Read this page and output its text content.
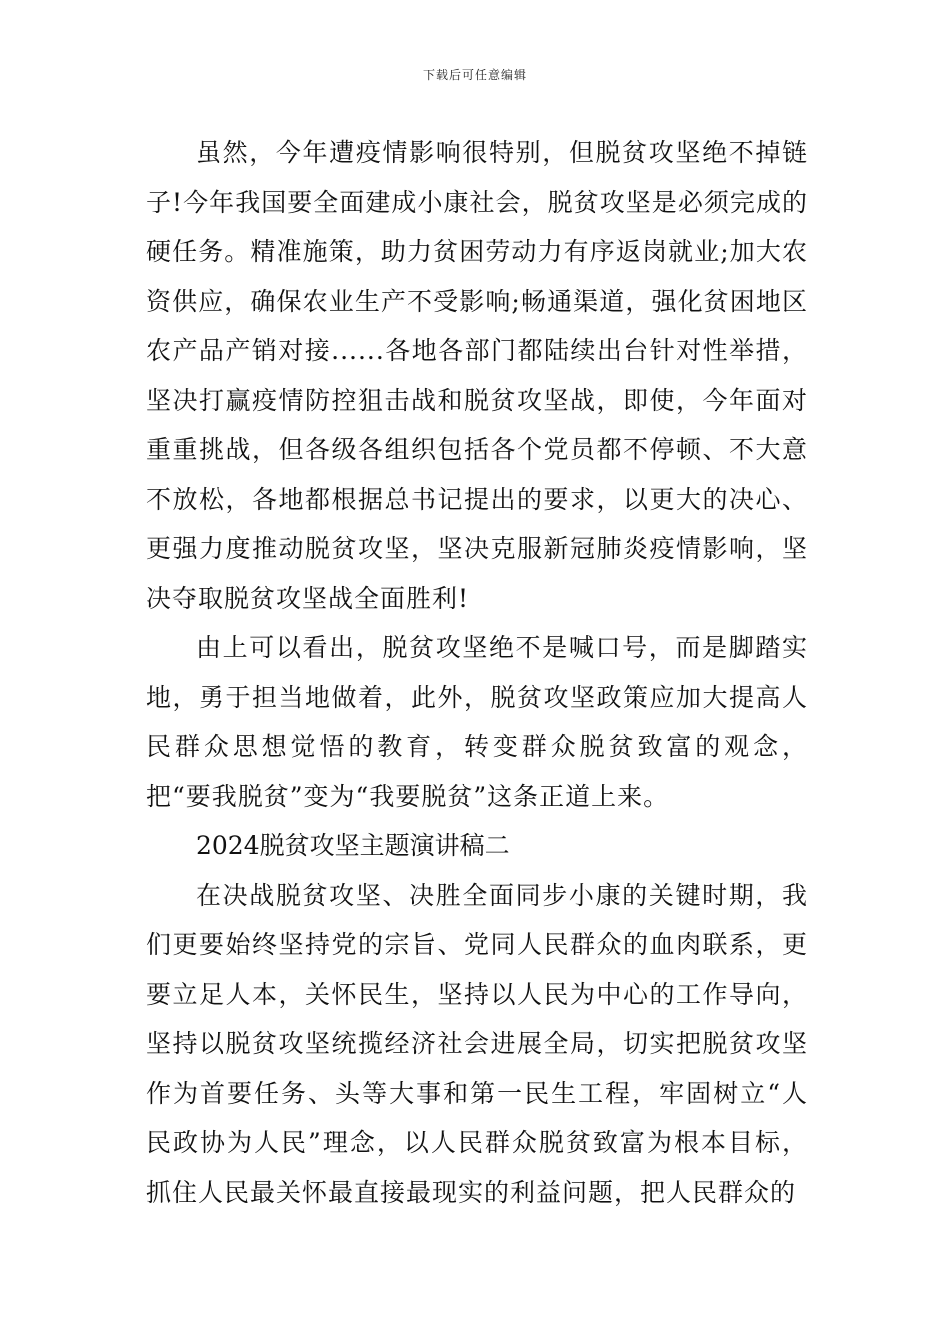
下载后可任意编辑

虽然，今年遭疫情影响很特别，但脱贫攻坚绝不掉链子!今年我国要全面建成小康社会，脱贫攻坚是必须完成的硬任务。精准施策，助力贫困劳动力有序返岗就业;加大农资供应，确保农业生产不受影响;畅通渠道，强化贫困地区农产品产销对接......各地各部门都陆续出台针对性举措，坚决打赢疫情防控狙击战和脱贫攻坚战，即使，今年面对重重挑战，但各级各组织包括各个党员都不停顿、不大意不放松，各地都根据总书记提出的要求，以更大的决心、更强力度推动脱贫攻坚，坚决克服新冠肺炎疫情影响，坚决夺取脱贫攻坚战全面胜利!

由上可以看出，脱贫攻坚绝不是喊口号，而是脚踏实地，勇于担当地做着，此外，脱贫攻坚政策应加大提高人民群众思想觉悟的教育，转变群众脱贫致富的观念，把“要我脱贫”变为“我要脱贫”这条正道上来。

2024脱贫攻坚主题演讲稿二

在决战脱贫攻坚、决胜全面同步小康的关键时期，我们更要始终坚持党的宗旨、党同人民群众的血肉联系，更要立足人本，关怀民生，坚持以人民为中心的工作导向，坚持以脱贫攻坚统揽经济社会进展全局，切实把脱贫攻坚作为首要任务、头等大事和第一民生工程，牢固树立“人民政协为人民”理念，以人民群众脱贫致富为根本目标，抓住人民最关怀最直接最现实的利益问题，把人民群众的
